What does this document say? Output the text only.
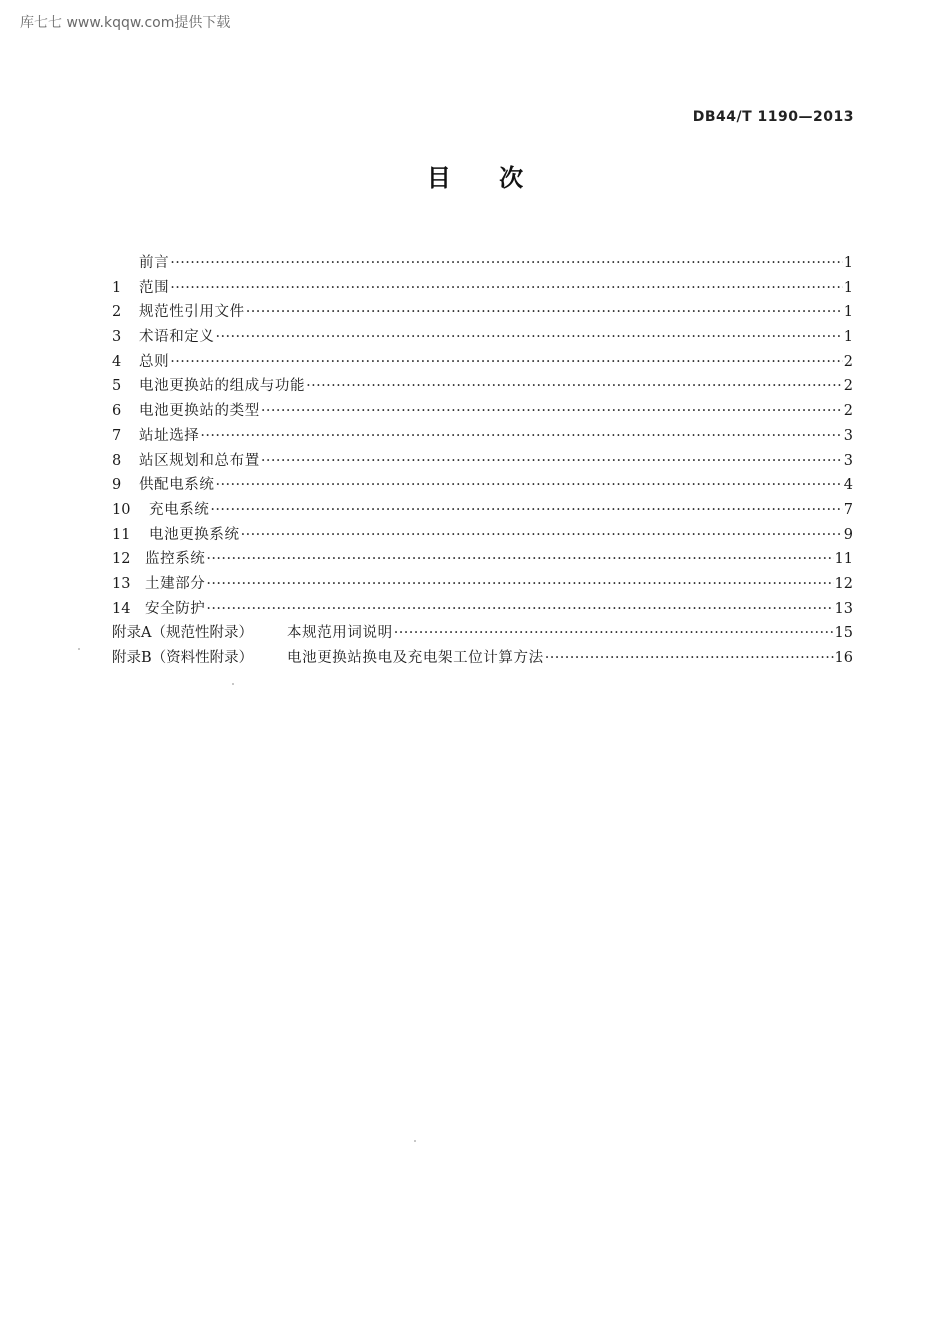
库七七 www.kqqw.com提供下载
DB44/T 1190—2013
目 次
前言 ·····	1
1	范围 ·····	1
2	规范性引用文件 ·····	1
3	术语和定义 ·····	1
4	总则 ·····	2
5	电池更换站的组成与功能 ·····	2
6	电池更换站的类型 ·····	2
7	站址选择 ·····	3
8	站区规划和总布置 ·····	3
9	供配电系统 ·····	4
10	充电系统 ·····	7
11	电池更换系统 ·····	9
12	监控系统 ·····	11
13	土建部分 ·····	12
14	安全防护 ·····	13
附录A（规范性附录）	本规范用词说明 ·····	15
附录B（资料性附录）	电池更换站换电及充电架工位计算方法 ·····	16
